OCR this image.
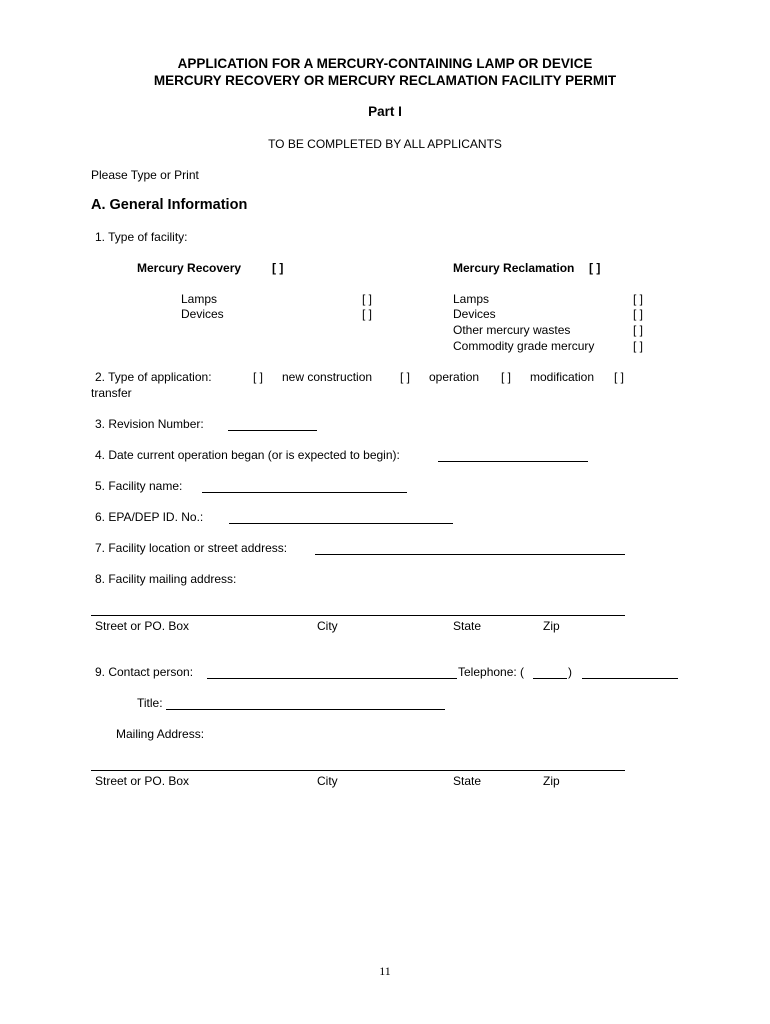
APPLICATION FOR A MERCURY-CONTAINING LAMP OR DEVICE
MERCURY RECOVERY OR MERCURY RECLAMATION FACILITY PERMIT
Part I
TO BE COMPLETED BY ALL APPLICANTS
Please Type or Print
A. General Information
1. Type of facility:
Mercury Recovery	[ ]
Lamps	[ ]
Devices	[ ]
Mercury Reclamation [ ]
Lamps	[ ]
Devices	[ ]
Other mercury wastes	[ ]
Commodity grade mercury	[ ]
2. Type of application:	[ ] new construction [ ] operation [ ] modification [ ]
transfer
3. Revision Number:
4. Date current operation began (or is expected to begin):
5. Facility name:
6. EPA/DEP ID. No.:
7. Facility location or street address:
8. Facility mailing address:
Street or PO. Box	City	State	Zip
9. Contact person:	Telephone: (	)
Title:
Mailing Address:
Street or PO. Box	City	State	Zip
11
